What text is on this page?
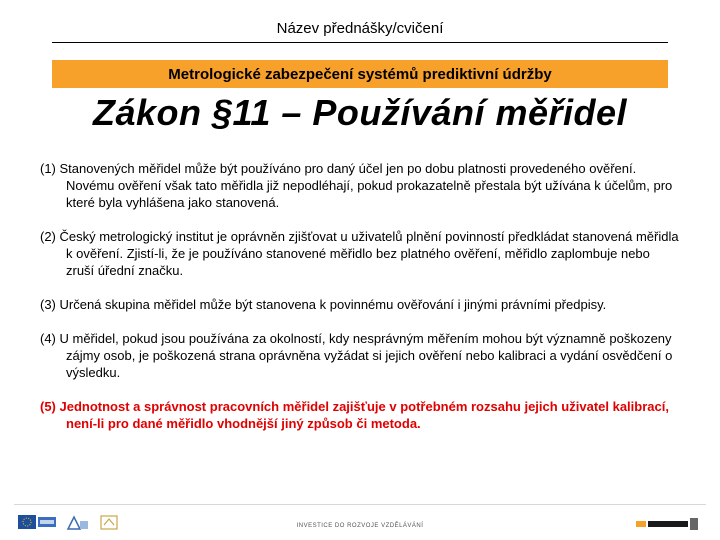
Název přednášky/cvičení
Metrologické zabezpečení systémů prediktivní údržby
Zákon §11 – Používání měřidel

(1) Stanovených měřidel může být používáno pro daný účel jen po dobu platnosti provedeného ověření. Novému ověření však tato měřidla již nepodléhají, pokud prokazatelně přestala být užívána k účelům, pro které byla vyhlášena jako stanovená.

(2) Český metrologický institut je oprávněn zjišťovat u uživatelů plnění povinností předkládat stanovená měřidla k ověření. Zjistí-li, že je používáno stanovené měřidlo bez platného ověření, měřidlo zaplombuje nebo zruší úřední značku.

(3) Určená skupina měřidel může být stanovena k povinnému ověřování i jinými právními předpisy.

(4) U měřidel, pokud jsou používána za okolností, kdy nesprávným měřením mohou být významně poškozeny zájmy osob, je poškozená strana oprávněna vyžádat si jejich ověření nebo kalibraci a vydání osvědčení o výsledku.

(5) Jednotnost a správnost pracovních měřidel zajišťuje v potřebném rozsahu jejich uživatel kalibrací, není-li pro dané měřidlo vhodnější jiný způsob či metoda.

INVESTICE DO ROZVOJE VZDĚLÁVÁNÍ
